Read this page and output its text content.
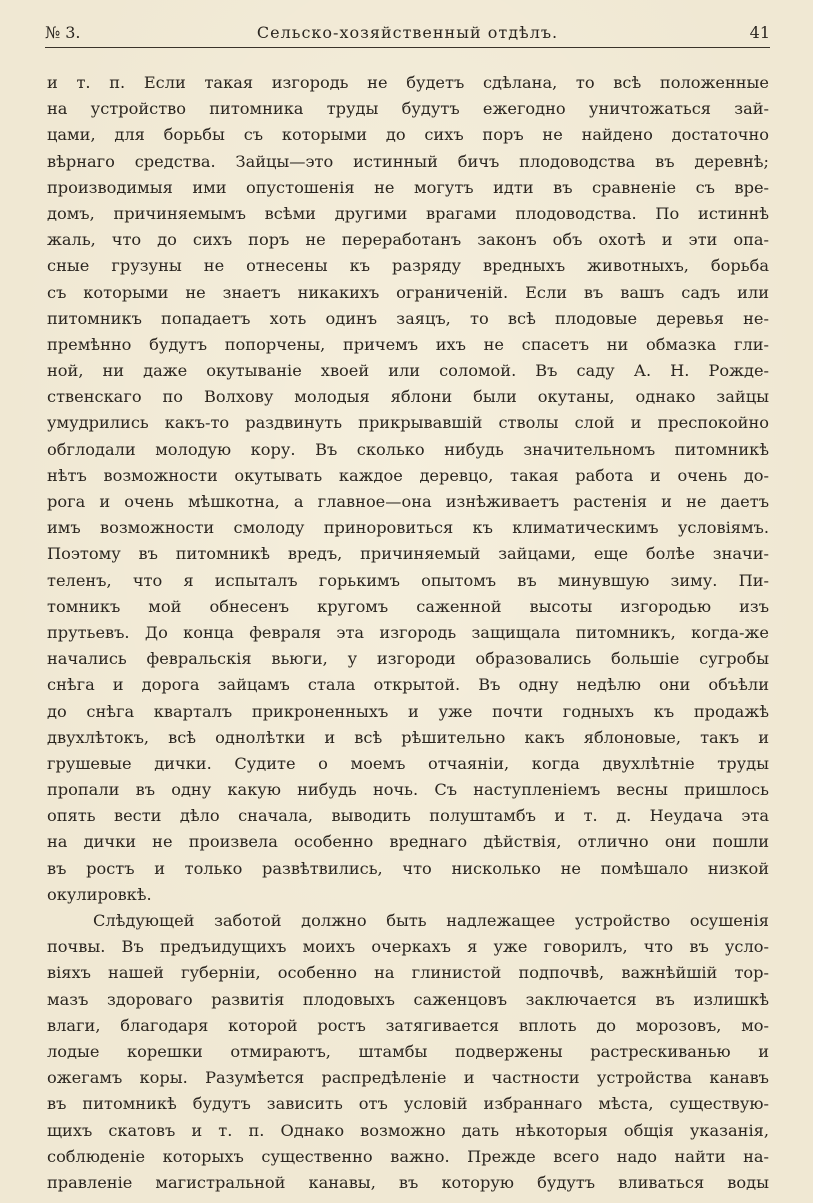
№ 3.	Сельско-хозяйственный отдѣлъ.	41
и т. п. Если такая изгородь не будетъ сдѣлана, то всѣ положенные
на устройство питомника труды будутъ ежегодно уничтожаться зай-
цами, для борьбы съ которыми до сихъ поръ не найдено достаточно
вѣрнаго средства. Зайцы—это истинный бичъ плодоводства въ деревнѣ;
производимыя ими опустошенія не могутъ идти въ сравненіе съ вре-
домъ, причиняемымъ всѣми другими врагами плодоводства. По истиннѣ
жаль, что до сихъ поръ не переработанъ законъ объ охотѣ и эти опа-
сные грузуны не отнесены къ разряду вредныхъ животныхъ, борьба
съ которыми не знаетъ никакихъ ограниченій. Если въ вашъ садъ или
питомникъ попадаетъ хоть одинъ заяцъ, то всѣ плодовые деревья не-
премѣнно будутъ попорчены, причемъ ихъ не спасетъ ни обмазка гли-
ной, ни даже окутываніе хвоей или соломой. Въ саду А. Н. Рожде-
ственскаго по Волхову молодыя яблони были окутаны, однако зайцы
умудрились какъ-то раздвинуть прикрывавшій стволы слой и преспокойно
обглодали молодую кору. Въ сколько нибудь значительномъ питомникѣ
нѣтъ возможности окутывать каждое деревцо, такая работа и очень до-
рога и очень мѣшкотна, а главное—она изнѣживаетъ растенія и не даетъ
имъ возможности смолоду приноровиться къ климатическимъ условіямъ.
Поэтому въ питомникѣ вредъ, причиняемый зайцами, еще болѣе значи-
теленъ, что я испыталъ горькимъ опытомъ въ минувшую зиму. Пи-
томникъ мой обнесенъ кругомъ саженной высоты изгородью изъ
прутьевъ. До конца февраля эта изгородь защищала питомникъ, когда-же
начались февральскія вьюги, у изгороди образовались большіе сугробы
снѣга и дорога зайцамъ стала открытой. Въ одну недѣлю они объѣли
до снѣга кварталъ прикроненныхъ и уже почти годныхъ къ продажѣ
двухлѣтокъ, всѣ однолѣтки и всѣ рѣшительно какъ яблоновые, такъ и
грушевые дички. Судите о моемъ отчаяніи, когда двухлѣтніе труды
пропали въ одну какую нибудь ночь. Съ наступленіемъ весны пришлось
опять вести дѣло сначала, выводить полуштамбъ и т. д. Неудача эта
на дички не произвела особенно вреднаго дѣйствія, отлично они пошли
въ ростъ и только развѣтвились, что нисколько не помѣшало низкой
окулировкѣ.
Слѣдующей заботой должно быть надлежащее устройство осушенія
почвы. Въ предъидущихъ моихъ очеркахъ я уже говорилъ, что въ усло-
віяхъ нашей губерніи, особенно на глинистой подпочвѣ, важнѣйшій тор-
мазъ здороваго развитія плодовыхъ саженцовъ заключается въ излишкѣ
влаги, благодаря которой ростъ затягивается вплоть до морозовъ, мо-
лодые корешки отмираютъ, штамбы подвержены растрескиванью и
ожегамъ коры. Разумѣется распредѣленіе и частности устройства канавъ
въ питомникѣ будутъ зависить отъ условій избраннаго мѣста, существую-
щихъ скатовъ и т. п. Однако возможно дать нѣкоторыя общія указанія,
соблюденіе которыхъ существенно важно. Прежде всего надо найти на-
правленіе магистральной канавы, въ которую будутъ вливаться воды
